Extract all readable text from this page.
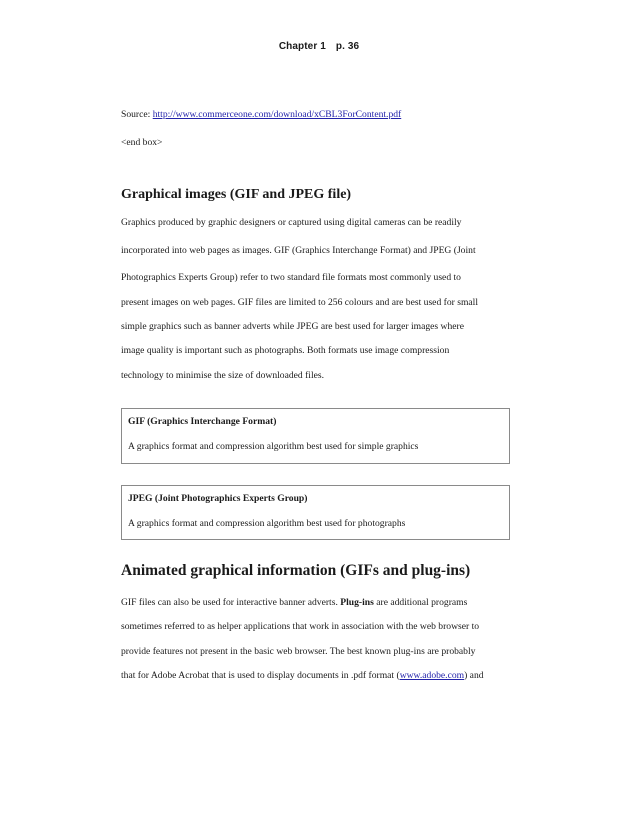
Chapter 1 p. 36
Source: http://www.commerceone.com/download/xCBL3ForContent.pdf
<end box>
Graphical images (GIF and JPEG file)
Graphics produced by graphic designers or captured using digital cameras can be readily
incorporated into web pages as images. GIF (Graphics Interchange Format) and JPEG (Joint
Photographics Experts Group) refer to two standard file formats most commonly used to
present images on web pages. GIF files are limited to 256 colours and are best used for small
simple graphics such as banner adverts while JPEG are best used for larger images where
image quality is important such as photographs. Both formats use image compression
technology to minimise the size of downloaded files.
GIF (Graphics Interchange Format)
A graphics format and compression algorithm best used for simple graphics
JPEG (Joint Photographics Experts Group)
A graphics format and compression algorithm best used for photographs
Animated graphical information (GIFs and plug-ins)
GIF files can also be used for interactive banner adverts. Plug-ins are additional programs
sometimes referred to as helper applications that work in association with the web browser to
provide features not present in the basic web browser. The best known plug-ins are probably
that for Adobe Acrobat that is used to display documents in .pdf format (www.adobe.com) and
